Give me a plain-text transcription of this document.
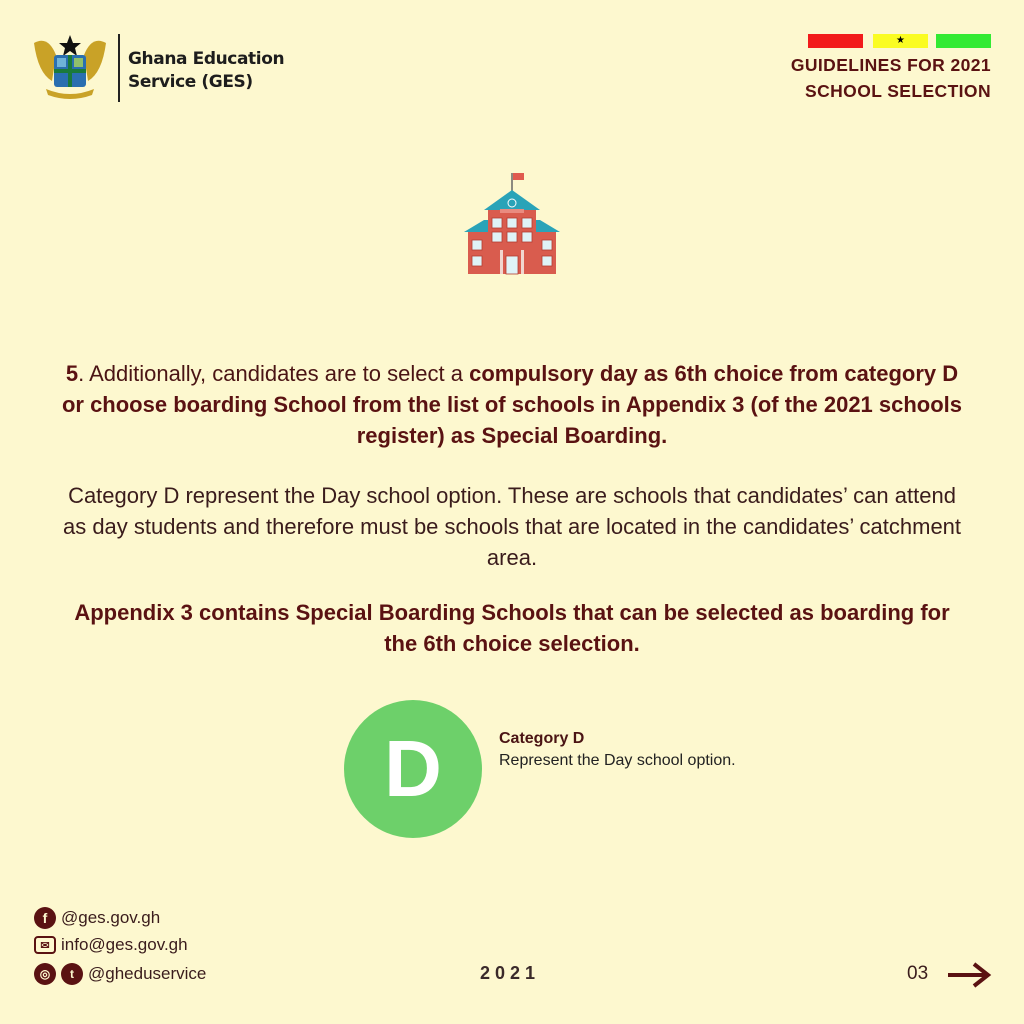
Ghana Education
Service (GES)
★
GUIDELINES FOR 2021
SCHOOL SELECTION
5. Additionally, candidates are to select a compulsory day as 6th choice from category D or choose boarding School from the list of schools in Appendix 3 (of the 2021 schools register) as Special Boarding.
Category D represent the Day school option. These are schools that candidates’ can attend as day students and therefore must be schools that are located in the candidates’ catchment area.
Appendix 3 contains Special Boarding Schools that can be selected as boarding for the 6th choice selection.
D	Category D
Represent the Day school option.
f @ges.gov.gh
✉ info@ges.gov.gh
◎	t @gheduservice	2021	03
